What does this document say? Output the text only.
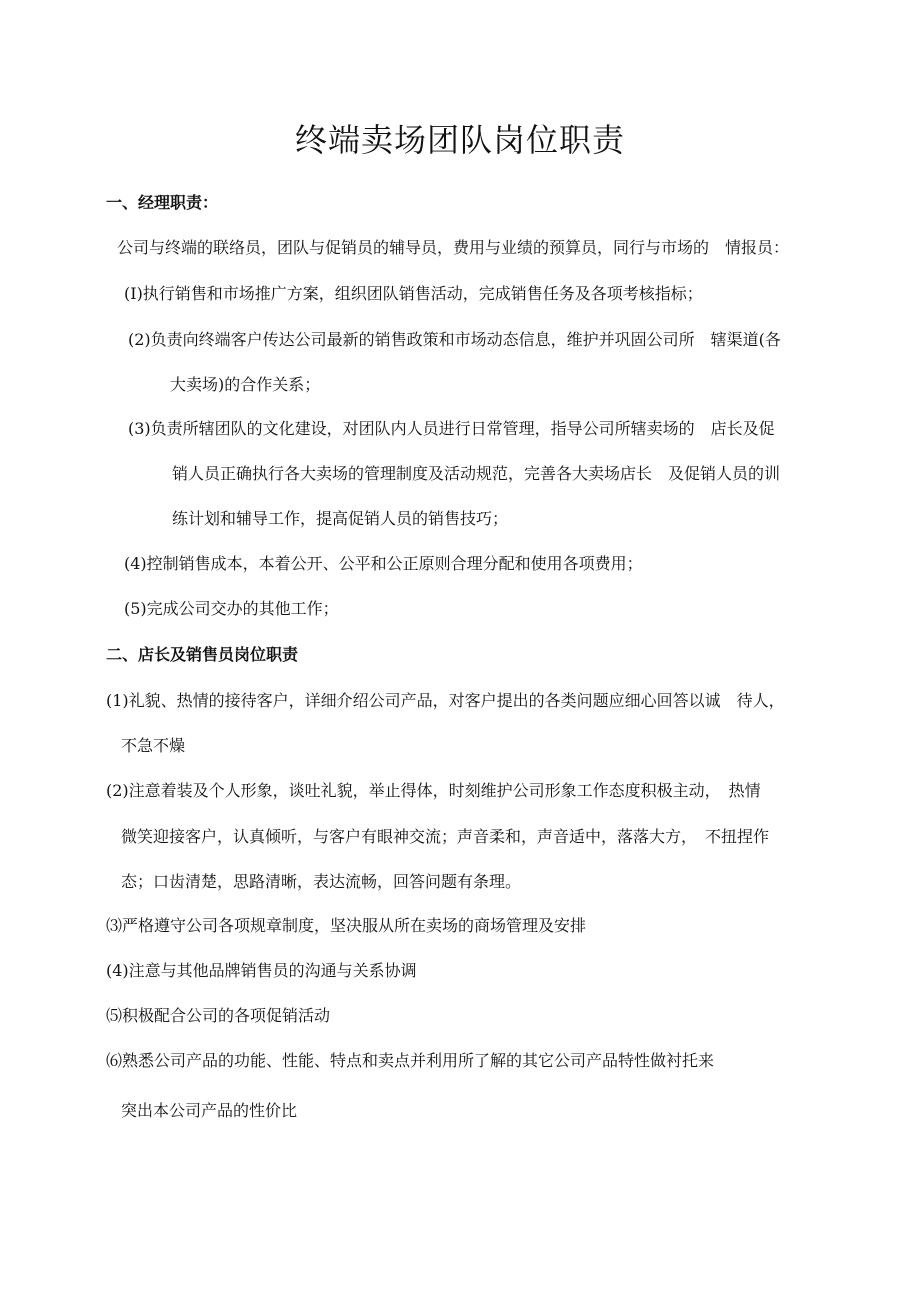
终端卖场团队岗位职责

一、经理职责：

公司与终端的联络员，团队与促销员的辅导员，费用与业绩的预算员，同行与市场的　情报员：

(I)执行销售和市场推广方案，组织团队销售活动，完成销售任务及各项考核指标；

(2)负责向终端客户传达公司最新的销售政策和市场动态信息，维护并巩固公司所　辖渠道(各

大卖场)的合作关系；

(3)负责所辖团队的文化建设，对团队内人员进行日常管理，指导公司所辖卖场的　店长及促

销人员正确执行各大卖场的管理制度及活动规范，完善各大卖场店长　及促销人员的训

练计划和辅导工作，提高促销人员的销售技巧；

(4)控制销售成本，本着公开、公平和公正原则合理分配和使用各项费用；

(5)完成公司交办的其他工作；

二、店长及销售员岗位职责

(1)礼貌、热情的接待客户，详细介绍公司产品，对客户提出的各类问题应细心回答以诚　待人，

不急不燥

(2)注意着装及个人形象，谈吐礼貌，举止得体，时刻维护公司形象工作态度积极主动，　热情

微笑迎接客户，认真倾听，与客户有眼神交流；声音柔和，声音适中，落落大方，　不扭捏作

态；口齿清楚，思路清晰，表达流畅，回答问题有条理。

⑶严格遵守公司各项规章制度，坚决服从所在卖场的商场管理及安排

(4)注意与其他品牌销售员的沟通与关系协调

⑸积极配合公司的各项促销活动

⑹熟悉公司产品的功能、性能、特点和卖点并利用所了解的其它公司产品特性做衬托来

突出本公司产品的性价比
